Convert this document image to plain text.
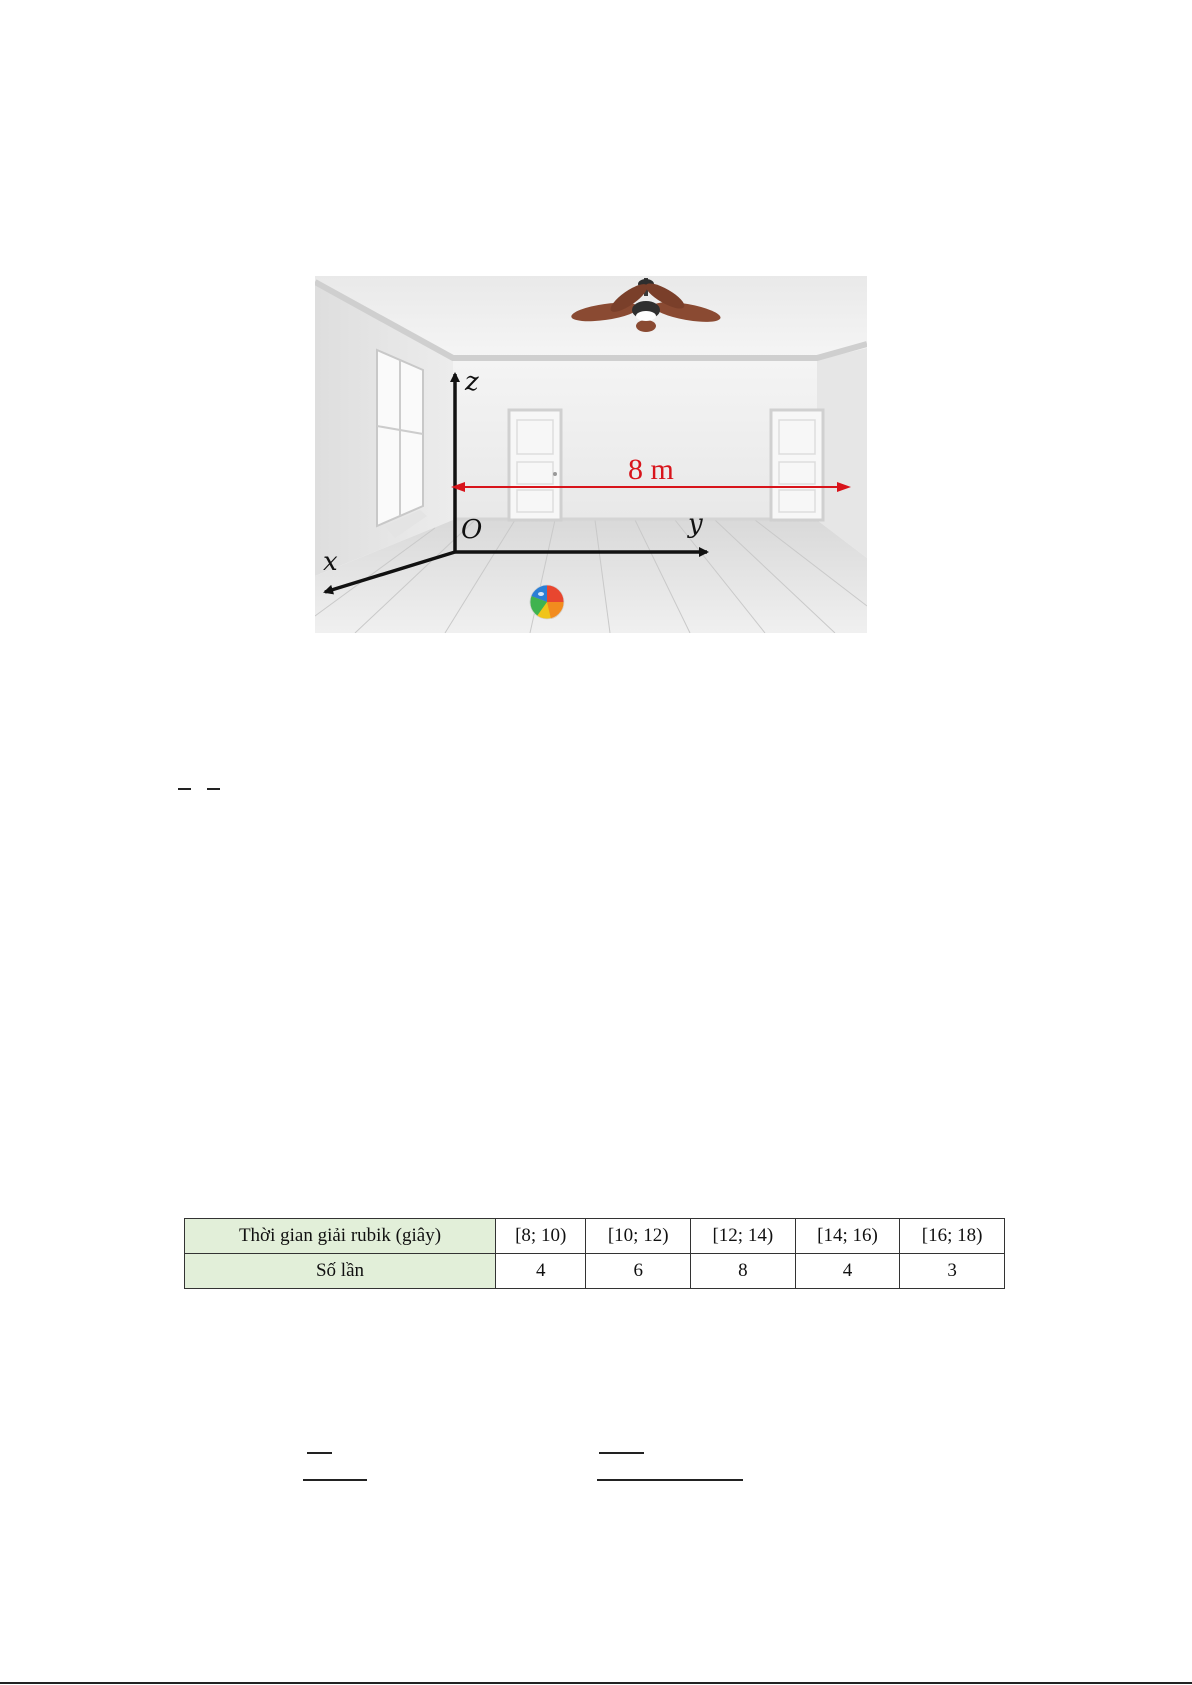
z
O	y
x
8 m
Thời gian giải rubik (giây)	[8; 10)	[10; 12)	[12; 14)	[14; 16)	[16; 18)
Số lần	4	6	8	4	3
